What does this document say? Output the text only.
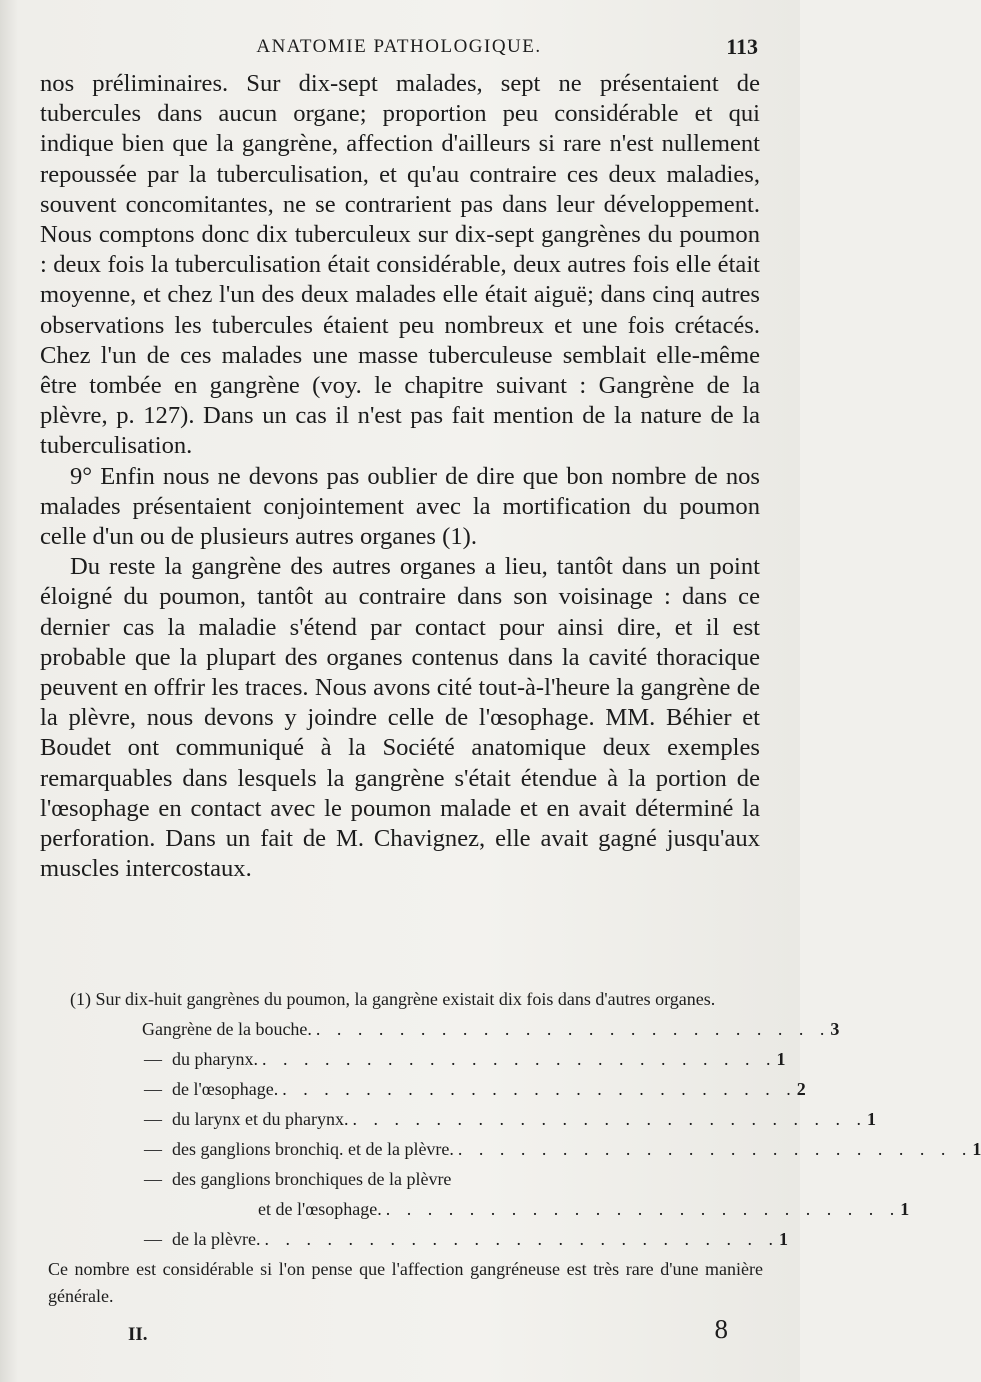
ANATOMIE PATHOLOGIQUE.	113

nos préliminaires. Sur dix-sept malades, sept ne présentaient de tubercules dans aucun organe; proportion peu considérable et qui indique bien que la gangrène, affection d'ailleurs si rare n'est nullement repoussée par la tuberculisation, et qu'au contraire ces deux maladies, souvent concomitantes, ne se contrarient pas dans leur développement. Nous comptons donc dix tuberculeux sur dix-sept gangrènes du poumon : deux fois la tuberculisation était considérable, deux autres fois elle était moyenne, et chez l'un des deux malades elle était aiguë; dans cinq autres observations les tubercules étaient peu nombreux et une fois crétacés. Chez l'un de ces malades une masse tuberculeuse semblait elle-même être tombée en gangrène (voy. le chapitre suivant : Gangrène de la plèvre, p. 127). Dans un cas il n'est pas fait mention de la nature de la tuberculisation.

9° Enfin nous ne devons pas oublier de dire que bon nombre de nos malades présentaient conjointement avec la mortification du poumon celle d'un ou de plusieurs autres organes (1).

Du reste la gangrène des autres organes a lieu, tantôt dans un point éloigné du poumon, tantôt au contraire dans son voisinage : dans ce dernier cas la maladie s'étend par contact pour ainsi dire, et il est probable que la plupart des organes contenus dans la cavité thoracique peuvent en offrir les traces. Nous avons cité tout-à-l'heure la gangrène de la plèvre, nous devons y joindre celle de l'œsophage. MM. Béhier et Boudet ont communiqué à la Société anatomique deux exemples remarquables dans lesquels la gangrène s'était étendue à la portion de l'œsophage en contact avec le poumon malade et en avait déterminé la perforation. Dans un fait de M. Chavignez, elle avait gagné jusqu'aux muscles intercostaux.

(1) Sur dix-huit gangrènes du poumon, la gangrène existait dix fois dans d'autres organes.

Gangrène de la bouche. . . . . . . . . . . . . . . . . . . . . . . . . . 3
— du pharynx. . . . . . . . . . . . . . . . . . . . . . . . . . 1
— de l'œsophage. . . . . . . . . . . . . . . . . . . . . . . . . . 2
— du larynx et du pharynx. . . . . . . . . . . . . . . . . . . . . . . . . . 1
— des ganglions bronchiq. et de la plèvre. . . . . . . . . . . . . . . . . . . . . . . . . . 1
— des ganglions bronchiques de la plèvre
et de l'œsophage. . . . . . . . . . . . . . . . . . . . . . . . . . 1
— de la plèvre. . . . . . . . . . . . . . . . . . . . . . . . . . 1

Ce nombre est considérable si l'on pense que l'affection gangréneuse est très rare d'une manière générale.

II.	8
